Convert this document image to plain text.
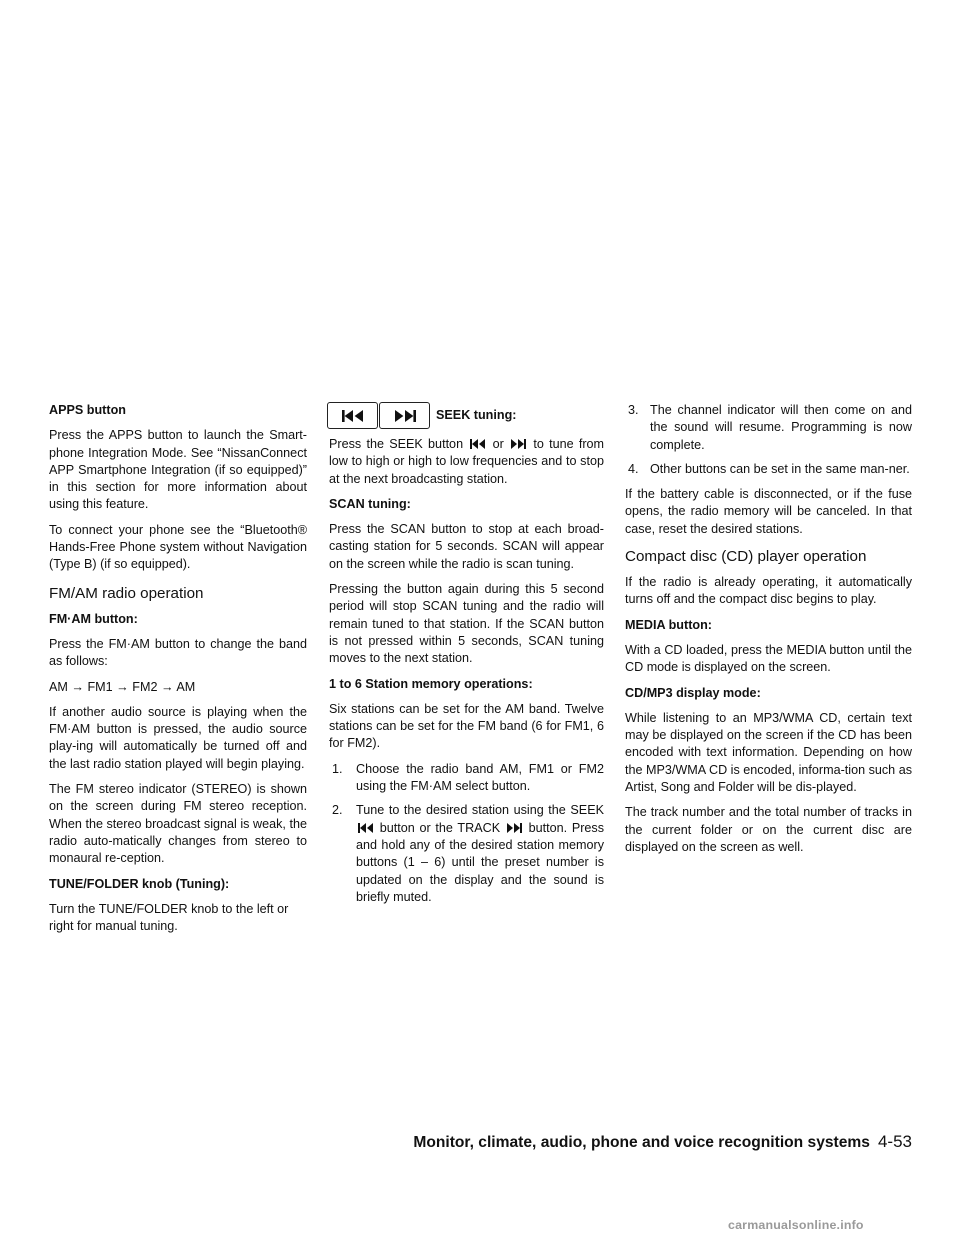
APPS button

Press the APPS button to launch the Smart-phone Integration Mode. See “NissanConnect APP Smartphone Integration (if so equipped)” in this section for more information about using this feature.

To connect your phone see the “Bluetooth® Hands-Free Phone system without Navigation (Type B) (if so equipped).

FM/AM radio operation

FM·AM button:

Press the FM·AM button to change the band as follows:

AM → FM1 → FM2 → AM

If another audio source is playing when the FM·AM button is pressed, the audio source play-ing will automatically be turned off and the last radio station played will begin playing.

The FM stereo indicator (STEREO) is shown on the screen during FM stereo reception. When the stereo broadcast signal is weak, the radio auto-matically changes from stereo to monaural re-ception.

TUNE/FOLDER knob (Tuning):

Turn the TUNE/FOLDER knob to the left or right for manual tuning.

SEEK tuning:

Press the SEEK button or to tune from low to high or high to low frequencies and to stop at the next broadcasting station.

SCAN tuning:

Press the SCAN button to stop at each broad-casting station for 5 seconds. SCAN will appear on the screen while the radio is scan tuning.

Pressing the button again during this 5 second period will stop SCAN tuning and the radio will remain tuned to that station. If the SCAN button is not pressed within 5 seconds, SCAN tuning moves to the next station.

1 to 6 Station memory operations:

Six stations can be set for the AM band. Twelve stations can be set for the FM band (6 for FM1, 6 for FM2).

1. Choose the radio band AM, FM1 or FM2 using the FM·AM select button.
2. Tune to the desired station using the SEEK  button or the TRACK button. Press and hold any of the desired station memory buttons (1 – 6) until the preset number is updated on the display and the sound is briefly muted.
3. The channel indicator will then come on and the sound will resume. Programming is now complete.
4. Other buttons can be set in the same man-ner.

If the battery cable is disconnected, or if the fuse opens, the radio memory will be canceled. In that case, reset the desired stations.

Compact disc (CD) player operation

If the radio is already operating, it automatically turns off and the compact disc begins to play.

MEDIA button:

With a CD loaded, press the MEDIA button until the CD mode is displayed on the screen.

CD/MP3 display mode:

While listening to an MP3/WMA CD, certain text may be displayed on the screen if the CD has been encoded with text information. Depending on how the MP3/WMA CD is encoded, informa-tion such as Artist, Song and Folder will be dis-played.

The track number and the total number of tracks in the current folder or on the current disc are displayed on the screen as well.

Monitor, climate, audio, phone and voice recognition systems 4-53
carmanualsonline.info
